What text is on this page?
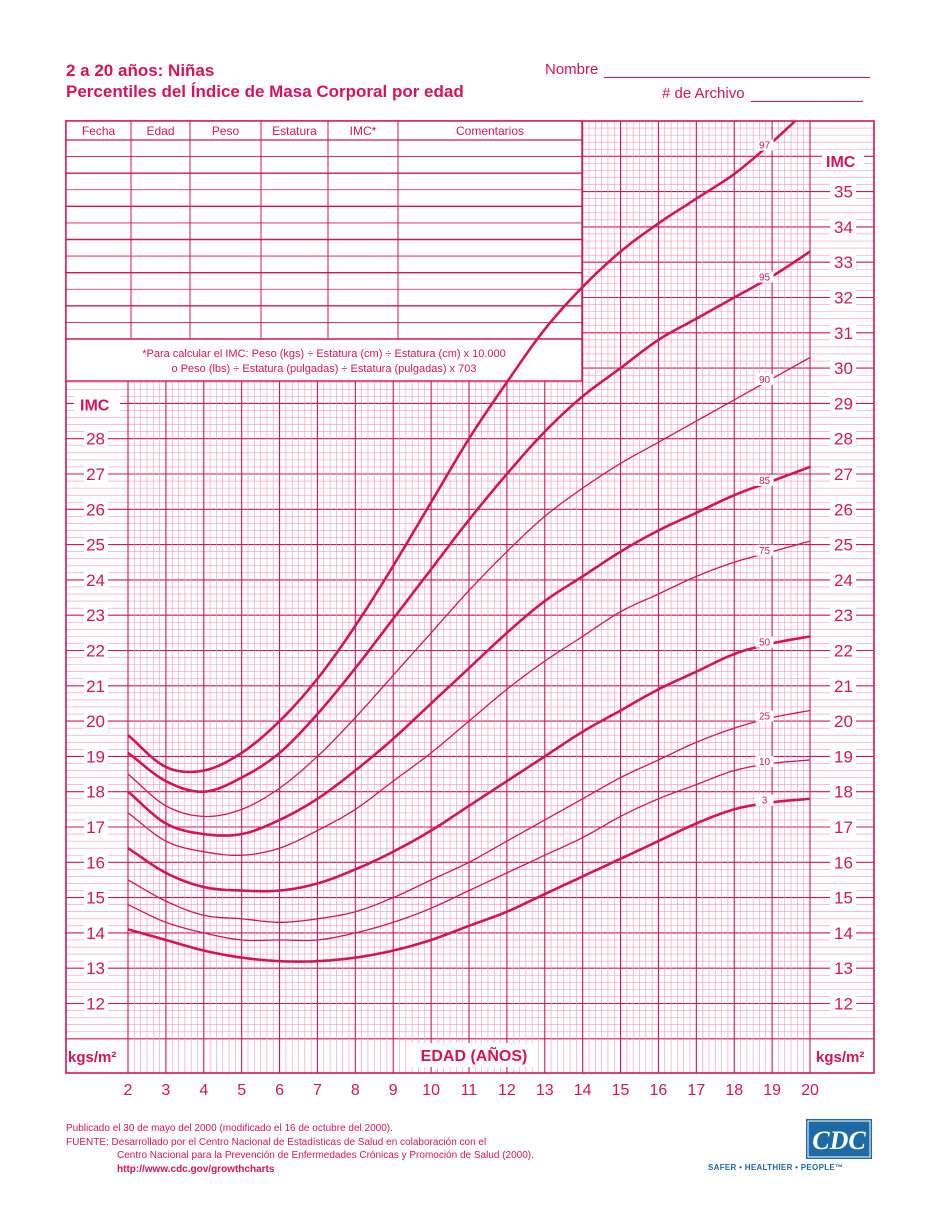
2 a 20 años: Niñas
Percentiles del Índice de Masa Corporal por edad
Nombre
# de Archivo
Fecha	Edad	Peso	Estatura	IMC*	Comentarios
*Para calcular el IMC: Peso (kgs) ÷ Estatura (cm) ÷ Estatura (cm) x 10.000
o Peso (lbs) ÷ Estatura (pulgadas) ÷ Estatura (pulgadas) x 703
97
95
90
85
75
50
25
10
3
12
13
14
15
16
17
18
19
20
21
22
23
24
25
26
27
28
12
13
14
15
16
17
18
19
20
21
22
23
24
25
26
27
28
29
30
31
32
33
34
35
IMC
IMC
kgs/m²	kgs/m²
EDAD (AÑOS)
2 3 4 5 6 7 8 9 10 11 12 13 14 15 16 17 18 19 20
Publicado el 30 de mayo del 2000 (modificado el 16 de octubre del 2000).
FUENTE: Desarrollado por el Centro Nacional de Estadísticas de Salud en colaboración con el
Centro Nacional para la Prevención de Enfermedades Crónicas y Promoción de Salud (2000).
http://www.cdc.gov/growthcharts
CDC
SAFER • HEALTHIER • PEOPLE™
